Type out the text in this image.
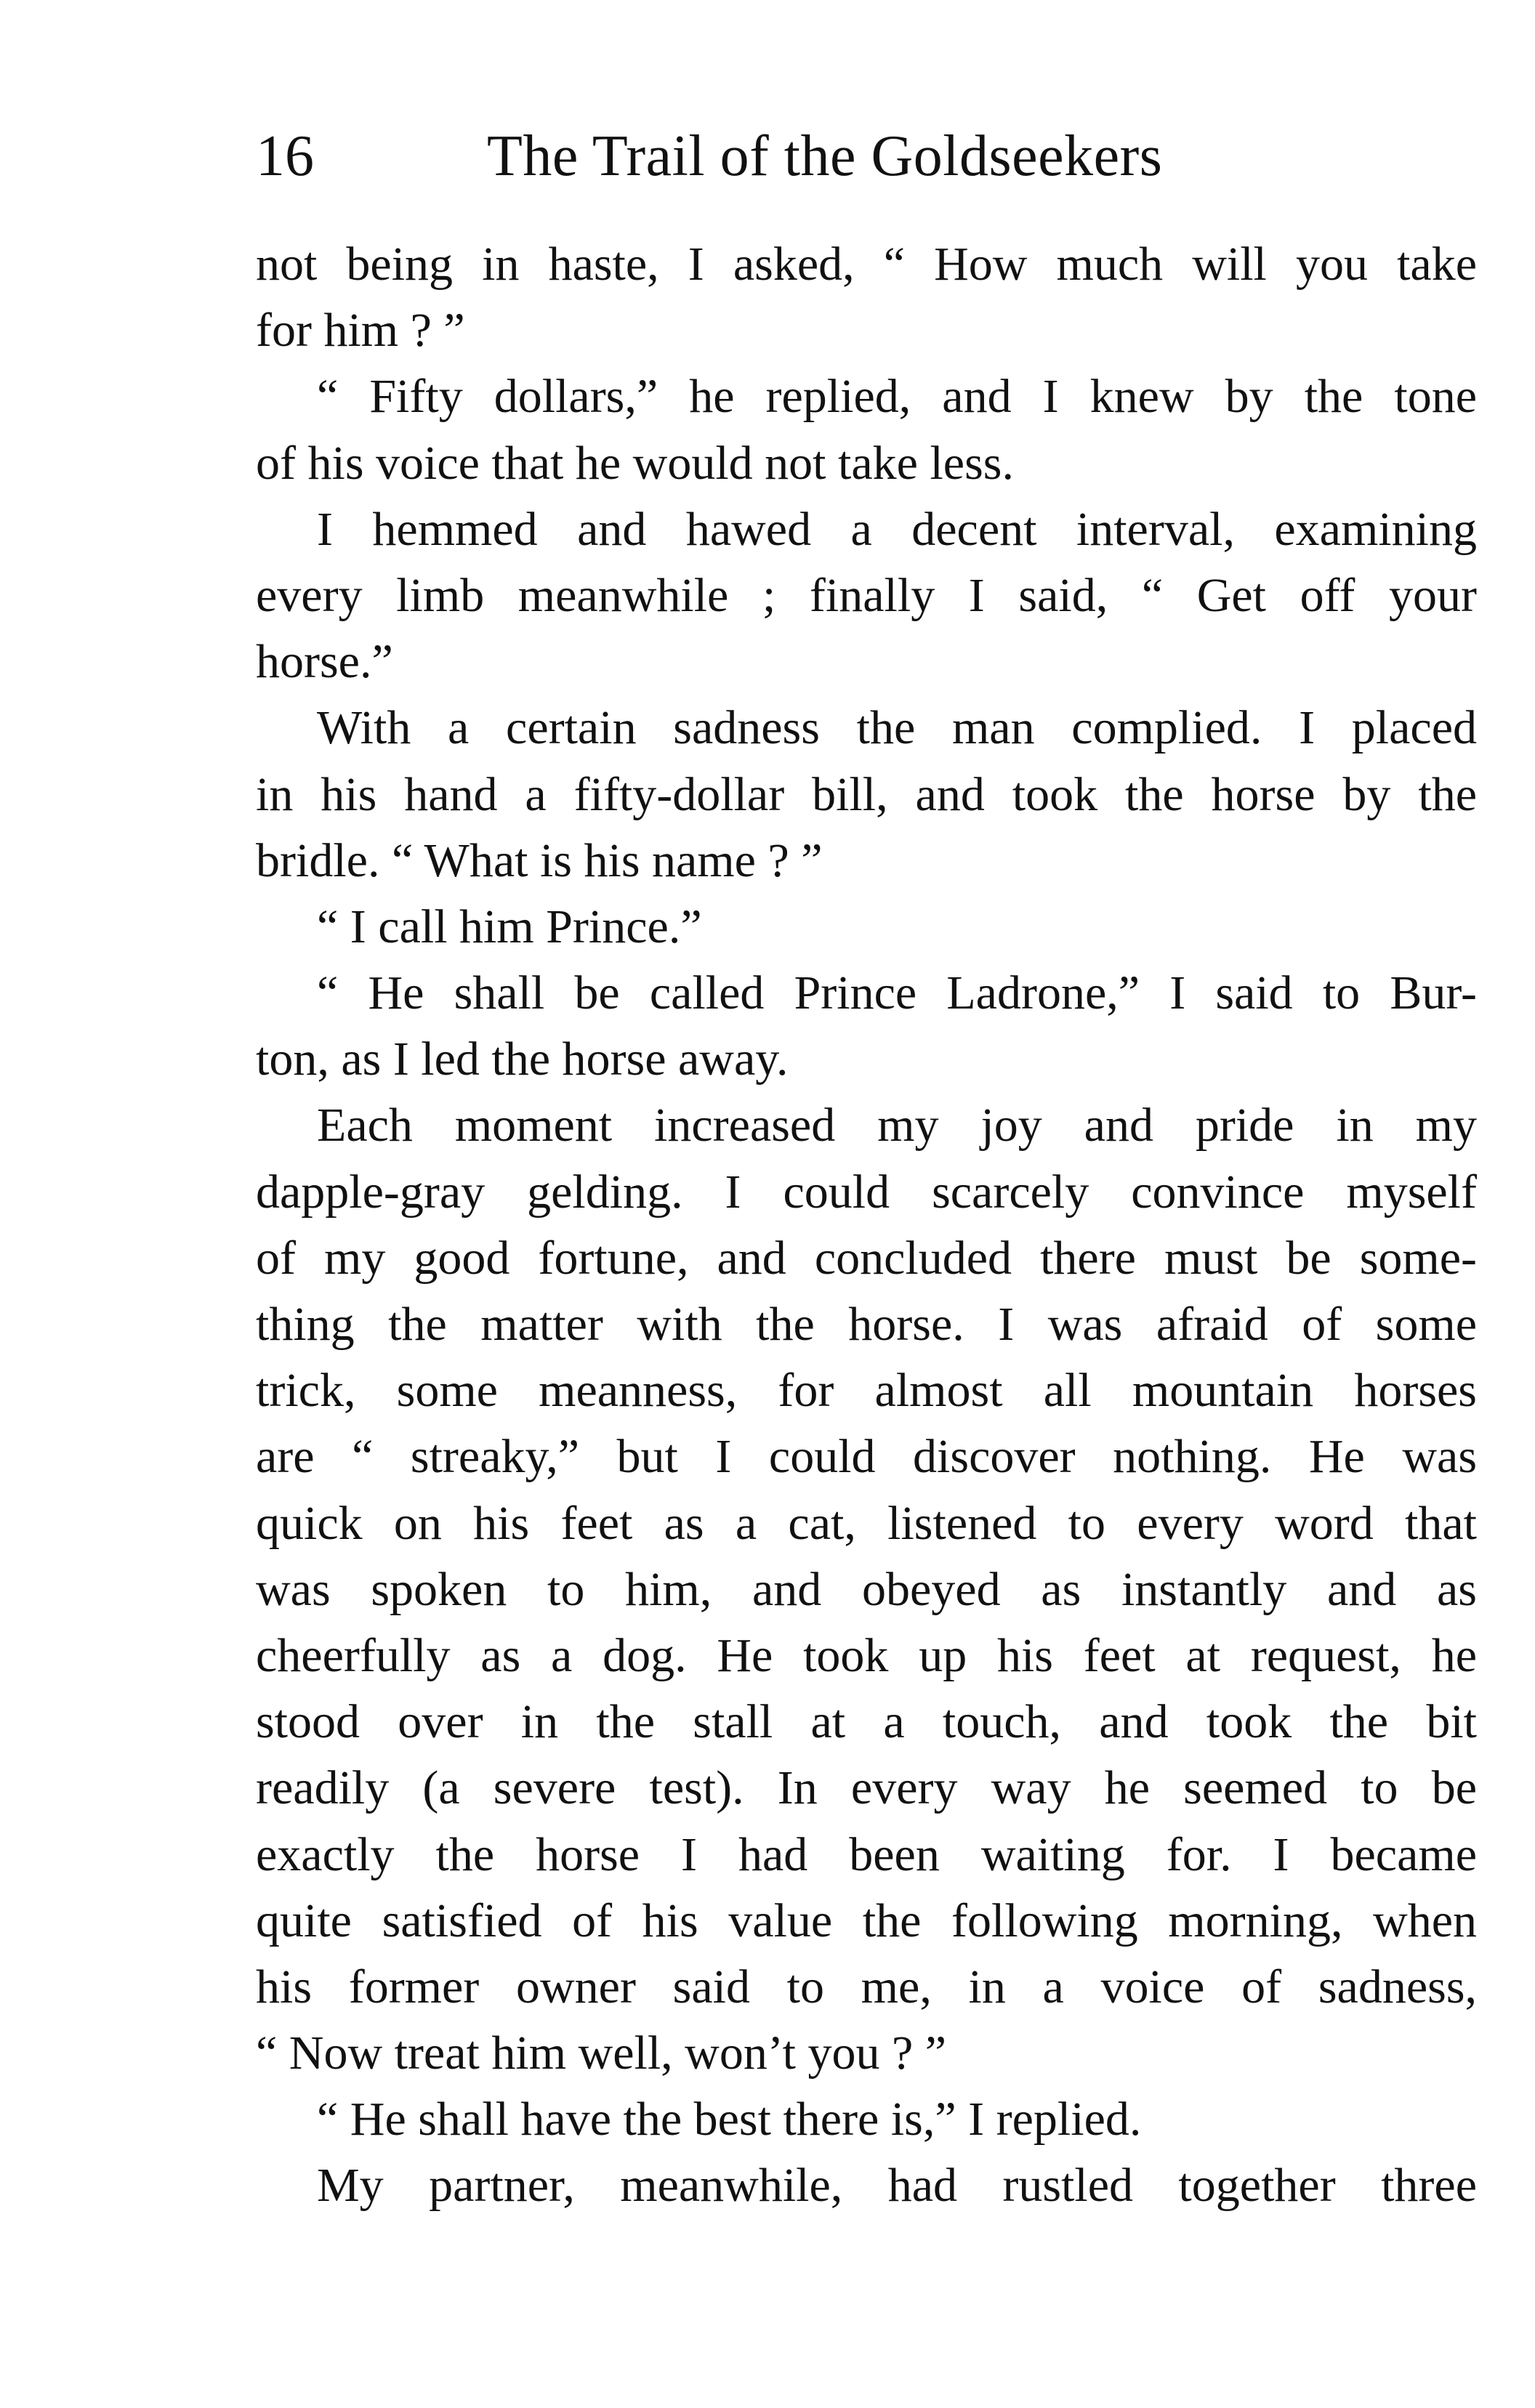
16	The Trail of the Goldseekers
not being in haste, I asked, “ How much will you take
for him ? ”
“ Fifty dollars,” he replied, and I knew by the tone
of his voice that he would not take less.
I hemmed and hawed a decent interval, examining
every limb meanwhile ; finally I said, “ Get off your
horse.”
With a certain sadness the man complied. I placed
in his hand a fifty-dollar bill, and took the horse by the
bridle. “ What is his name ? ”
“ I call him Prince.”
“ He shall be called Prince Ladrone,” I said to Bur-
ton, as I led the horse away.
Each moment increased my joy and pride in my
dapple-gray gelding. I could scarcely convince myself
of my good fortune, and concluded there must be some-
thing the matter with the horse. I was afraid of some
trick, some meanness, for almost all mountain horses
are “ streaky,” but I could discover nothing. He was
quick on his feet as a cat, listened to every word that
was spoken to him, and obeyed as instantly and as
cheerfully as a dog. He took up his feet at request, he
stood over in the stall at a touch, and took the bit
readily (a severe test). In every way he seemed to be
exactly the horse I had been waiting for. I became
quite satisfied of his value the following morning, when
his former owner said to me, in a voice of sadness,
“ Now treat him well, won’t you ? ”
“ He shall have the best there is,” I replied.
My partner, meanwhile, had rustled together three
